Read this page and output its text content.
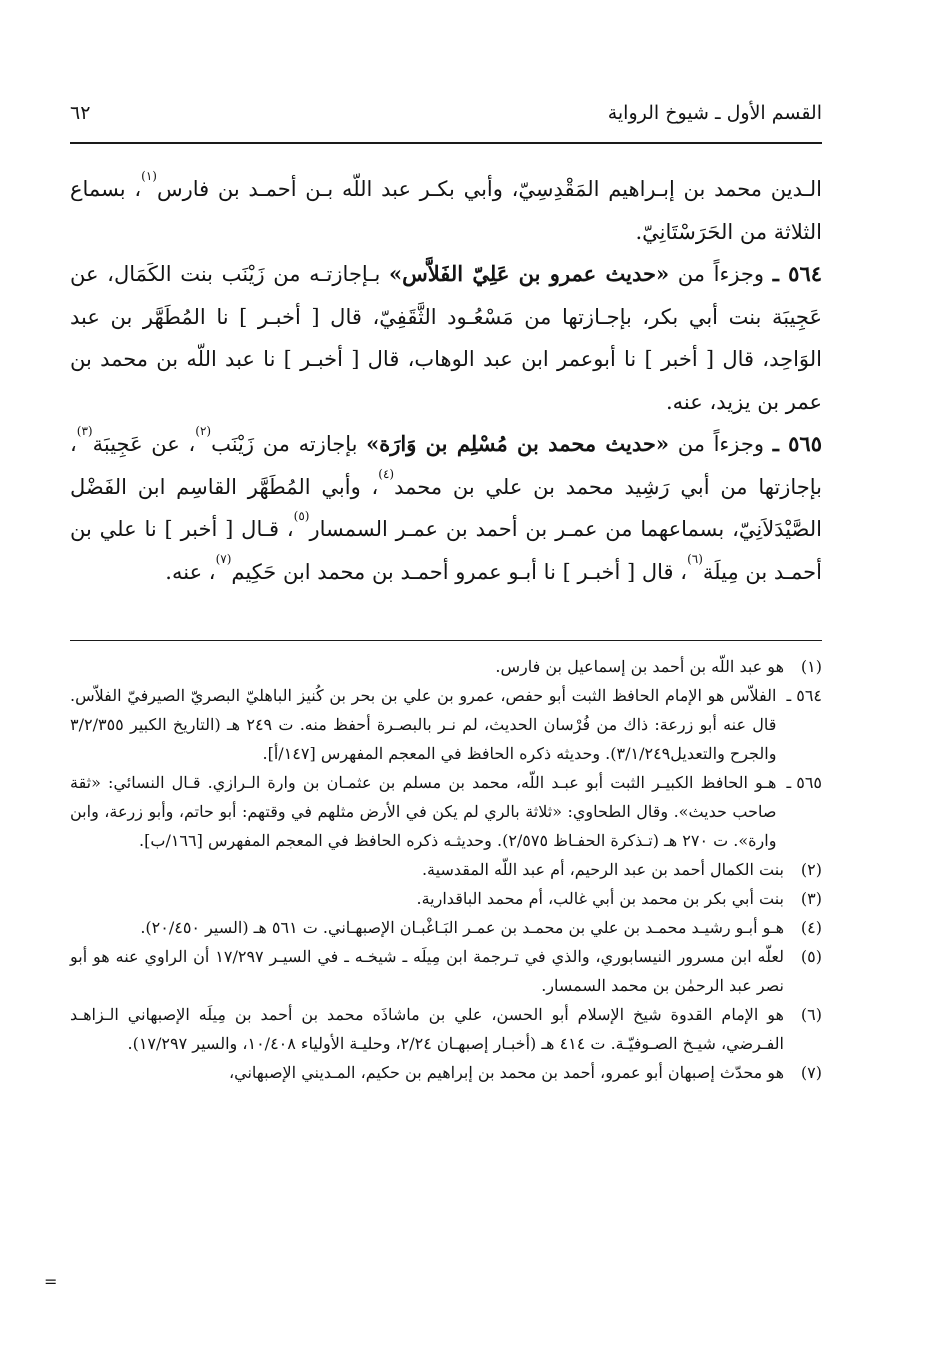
القسم الأول ـ شيوخ الرواية
٦٢

الـدين محمد بن إبـراهيم المَقْدِسِيّ، وأبي بكـر عبد اللّه بـن أحمـد بن فارس$^{(١)}$، بسماع الثلاثة من الحَرَسْتَانِيّ.

٥٦٤ ـ وجزءاً من «حديث عمرو بن عَلِيّ الفَلاَّس» بـإجازتـه من زَيْنَب بنت الكَمَال، عن عَجِيبَة بنت أبي بكر، بإجـازتها من مَسْعُـود الثَّقَفِيّ، قال [ أخبـر ] نا المُطَهَّر بن عبد الوَاحِد، قال [ أخبر ] نا أبوعمر ابن عبد الوهاب، قال [ أخبـر ] نا عبد اللّه بن محمد بن عمر بن يزيد، عنه.

٥٦٥ ـ وجزءاً من «حديث محمد بن مُسْلِم بن وَارَة» بإجازته من زَيْنَب$^{(٢)}$، عن عَجِيبَة$^{(٣)}$، بإجازتها من أبي رَشِيد محمد بن علي بن محمد$^{(٤)}$، وأبي المُطَهَّر القاسِم ابن الفَضْل الصَّيْدَلاَنِيّ، بسماعهما من عمـر بن أحمد بن عمـر السمسار$^{(٥)}$، قـال [ أخبر ] نا علي بن أحمـد بن مِيلَة$^{(٦)}$، قال [ أخبـر ] نا أبـو عمرو أحمـد بن محمد ابن حَكِيم$^{(٧)}$، عنه.

(١)
هو عبد اللّه بن أحمد بن إسماعيل بن فارس.
٥٦٤ ـ
الفلاّس هو الإمام الحافظ الثبت أبو حفص، عمرو بن علي بن بحر بن كُنيز الباهليّ البصريّ الصيرفيّ الفلاّس. قال عنه أبو زرعة: ذاك من فُرْسان الحديث، لم نـر بالبصـرة أحفظ منه. ت ٢٤٩ هـ (التاريخ الكبير ٣/٢/٣٥٥ والجرح والتعديل٣/١/٢٤٩). وحديثه ذكره الحافظ في المعجم المفهرس [١٤٧/أ].
٥٦٥ ـ
هـو الحافظ الكبيـر الثبت أبو عبـد اللّه، محمد بن مسلم بن عثمـان بن وارة الـرازي. قـال النسائي: «ثقة صاحب حديث». وقال الطحاوي: «ثلاثة بالري لم يكن في الأرض مثلهم في وقتهم: أبو حاتم، وأبو زرعة، وابن وارة». ت ٢٧٠ هـ (تـذكرة الحفـاظ ٢/٥٧٥). وحديثـه ذكره الحافظ في المعجم المفهرس [١٦٦/ب].
(٢)
بنت الكمال أحمد بن عبد الرحيم، أم عبد اللّه المقدسية.
(٣)
بنت أبي بكر بن محمد بن أبي غالب، أم محمد الباقدارية.
(٤)
هـو أبـو رشيـد محمـد بن علي بن محمـد بن عمـر البَـاغْبـان الإصبهـاني. ت ٥٦١ هـ (السير ٢٠/٤٥٠).
(٥)
لعلّه ابن مسرور النيسابوري، والذي في تـرجمة ابن مِيلَه ـ شيخـه ـ في السيـر ١٧/٢٩٧ أن الراوي عنه هو أبو نصر عبد الرحمٰن بن محمد السمسار.
(٦)
هو الإمام القدوة شيخ الإسلام أبو الحسن، علي بن ماشاذَه محمد بن أحمد بن مِيلَه الإصبهاني الـزاهـد الفـرضي، شيـخ الصـوفيّـة. ت ٤١٤ هـ (أخبـار إصبهـان ٢/٢٤، وحليـة الأولياء ١٠/٤٠٨، والسير ١٧/٢٩٧).
(٧)
هو محدّث إصبهان أبو عمرو، أحمد بن محمد بن إبراهيم بن حكيم، المـديني الإصبهاني،
=
